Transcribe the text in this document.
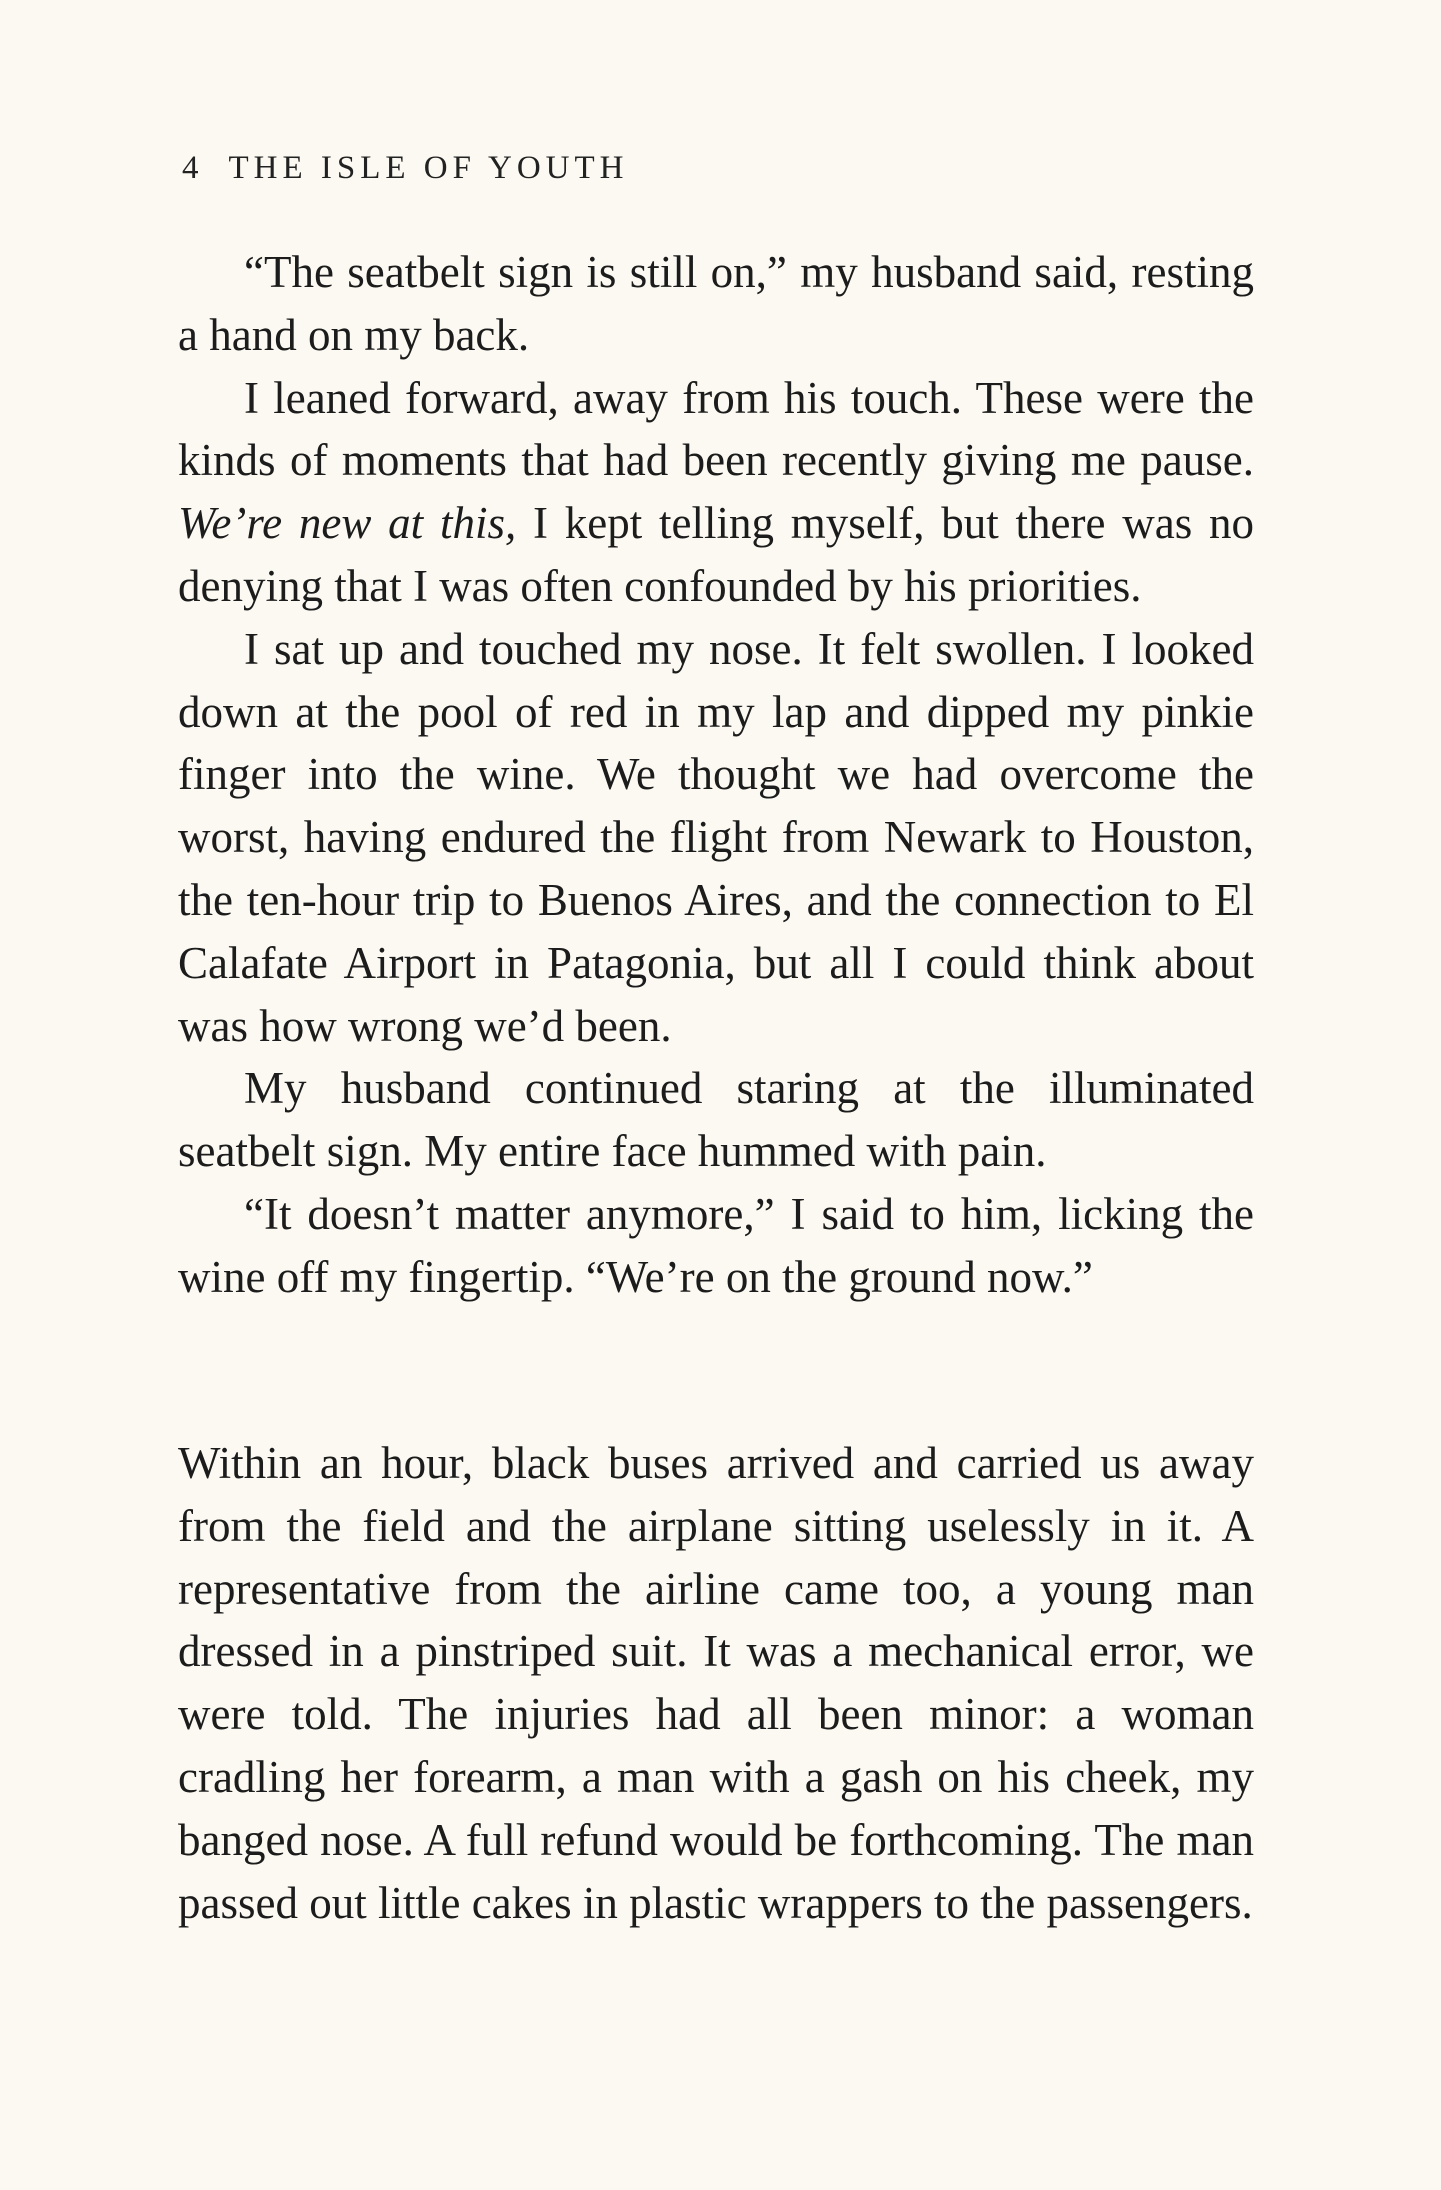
4 THE ISLE OF YOUTH

“The seatbelt sign is still on,” my husband said, resting a hand on my back.

I leaned forward, away from his touch. These were the kinds of moments that had been recently giving me pause. We’re new at this, I kept telling myself, but there was no denying that I was often confounded by his priorities.

I sat up and touched my nose. It felt swollen. I looked down at the pool of red in my lap and dipped my pinkie finger into the wine. We thought we had overcome the worst, having endured the flight from Newark to Houston, the ten-hour trip to Buenos Aires, and the connection to El Calafate Airport in Patagonia, but all I could think about was how wrong we’d been.

My husband continued staring at the illuminated seatbelt sign. My entire face hummed with pain.

“It doesn’t matter anymore,” I said to him, licking the wine off my fingertip. “We’re on the ground now.”

Within an hour, black buses arrived and carried us away from the field and the airplane sitting uselessly in it. A representative from the airline came too, a young man dressed in a pinstriped suit. It was a mechanical error, we were told. The injuries had all been minor: a woman cradling her forearm, a man with a gash on his cheek, my banged nose. A full refund would be forthcoming. The man passed out little cakes in plastic wrappers to the passengers.
